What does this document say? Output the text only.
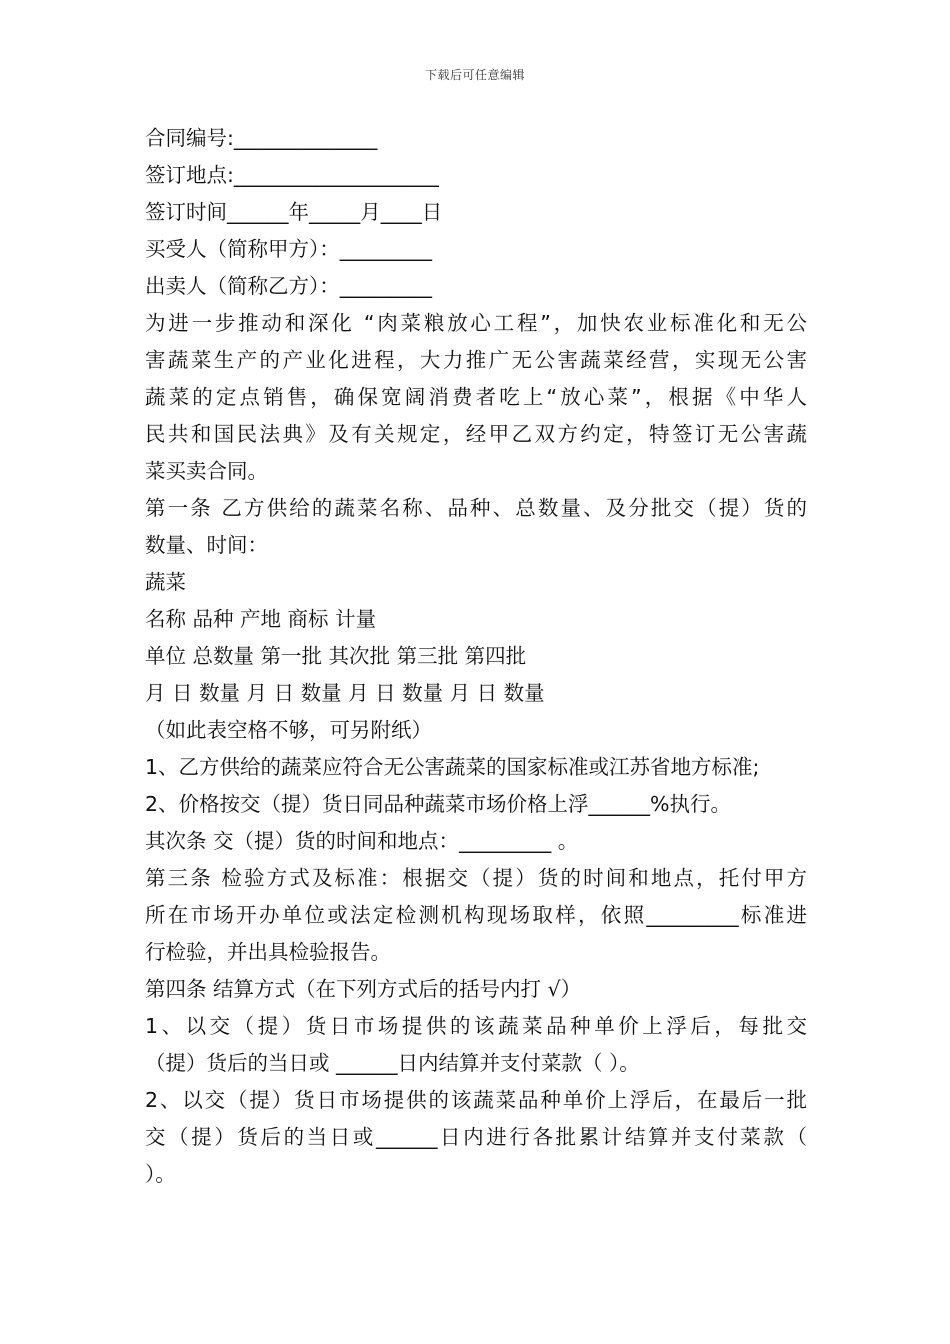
下载后可任意编辑
合同编号:______________
签订地点:____________________
签订时间______年_____月____日
买受人（简称甲方）：_________
出卖人（简称乙方）：_________
为进一步推动和深化 “肉菜粮放心工程”，加快农业标准化和无公
害蔬菜生产的产业化进程，大力推广无公害蔬菜经营，实现无公害
蔬菜的定点销售，确保宽阔消费者吃上“放心菜”，根据《中华人
民共和国民法典》及有关规定，经甲乙双方约定，特签订无公害蔬
菜买卖合同。
第一条 乙方供给的蔬菜名称、品种、总数量、及分批交（提）货的
数量、时间：
蔬菜
名称 品种 产地 商标 计量
单位 总数量 第一批 其次批 第三批 第四批
月 日 数量 月 日 数量 月 日 数量 月 日 数量
（如此表空格不够，可另附纸）
1、乙方供给的蔬菜应符合无公害蔬菜的国家标准或江苏省地方标准;
2、价格按交（提）货日同品种蔬菜市场价格上浮______%执行。
其次条 交（提）货的时间和地点：_________ 。
第三条 检验方式及标准：根据交（提）货的时间和地点，托付甲方
所在市场开办单位或法定检测机构现场取样，依照_________标准进
行检验，并出具检验报告。
第四条 结算方式（在下列方式后的括号内打 √）
1、以交（提）货日市场提供的该蔬菜品种单价上浮后，每批交
（提）货后的当日或 ______日内结算并支付菜款（ ）。
2、以交（提）货日市场提供的该蔬菜品种单价上浮后，在最后一批
交（提）货后的当日或______日内进行各批累计结算并支付菜款（
）。
